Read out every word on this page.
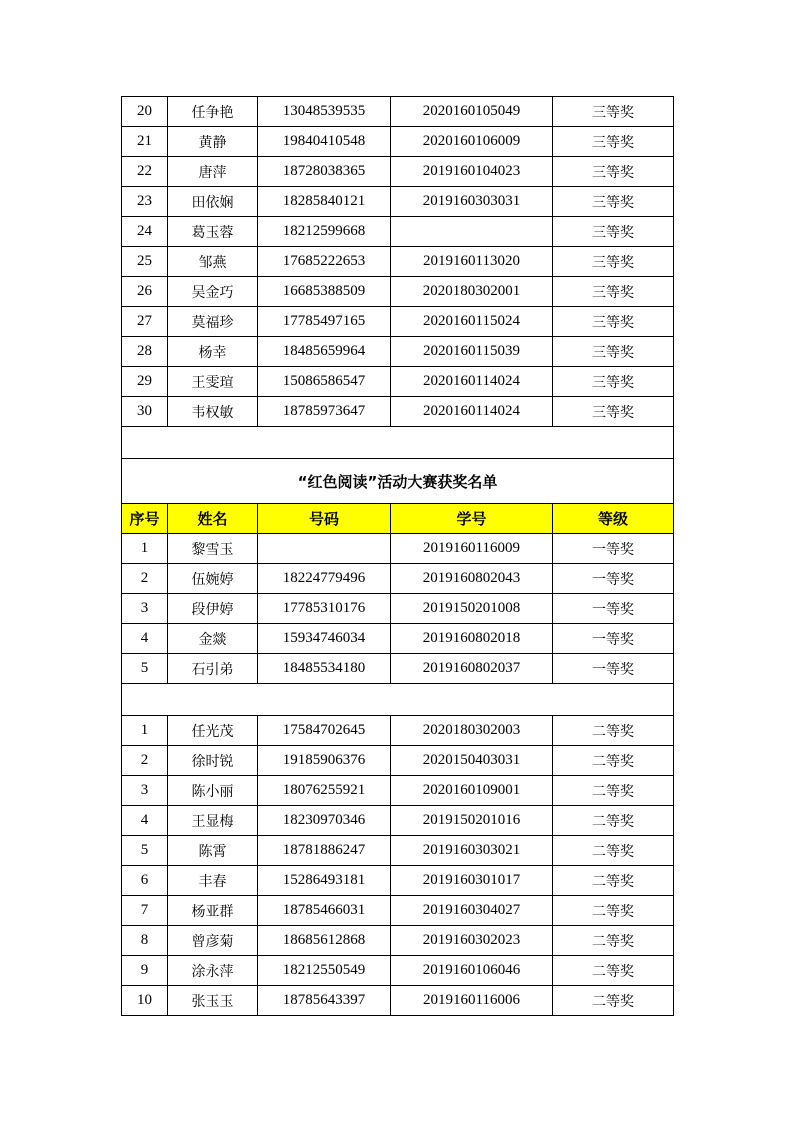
20	任争艳	13048539535	2020160105049	三等奖
21	黄静	19840410548	2020160106009	三等奖
22	唐萍	18728038365	2019160104023	三等奖
23	田依娴	18285840121	2019160303031	三等奖
24	葛玉蓉	18212599668		三等奖
25	邹燕	17685222653	2019160113020	三等奖
26	吴金巧	16685388509	2020180302001	三等奖
27	莫福珍	17785497165	2020160115024	三等奖
28	杨幸	18485659964	2020160115039	三等奖
29	王雯瑄	15086586547	2020160114024	三等奖
30	韦权敏	18785973647	2020160114024	三等奖

“红色阅读”活动大赛获奖名单				
序号	姓名	号码	学号	等级
1	黎雪玉		2019160116009	一等奖
2	伍婉婷	18224779496	2019160802043	一等奖
3	段伊婷	17785310176	2019150201008	一等奖
4	金燚	15934746034	2019160802018	一等奖
5	石引弟	18485534180	2019160802037	一等奖

1	任光茂	17584702645	2020180302003	二等奖
2	徐时锐	19185906376	2020150403031	二等奖
3	陈小丽	18076255921	2020160109001	二等奖
4	王显梅	18230970346	2019150201016	二等奖
5	陈霄	18781886247	2019160303021	二等奖
6	丰春	15286493181	2019160301017	二等奖
7	杨亚群	18785466031	2019160304027	二等奖
8	曾彦菊	18685612868	2019160302023	二等奖
9	涂永萍	18212550549	2019160106046	二等奖
10	张玉玉	18785643397	2019160116006	二等奖
